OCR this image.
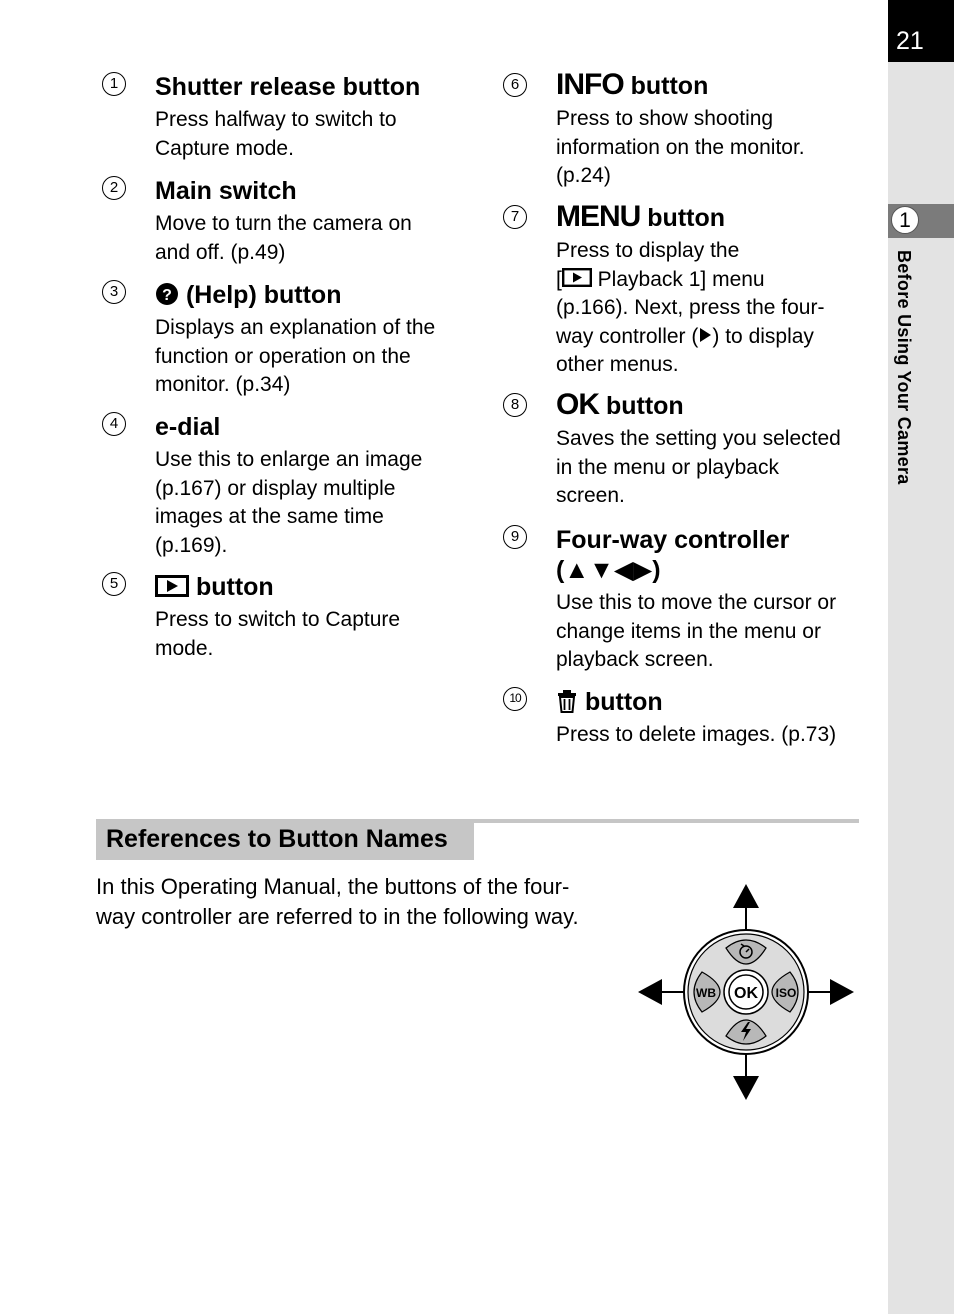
21
1
Before Using Your Camera
1	Shutter release button

Press halfway to switch to
Capture mode.

2	Main switch

Move to turn the camera on
and off. (p.49)

3	? (Help) button

Displays an explanation of the
function or operation on the
monitor. (p.34)

4	e-dial

Use this to enlarge an image
(p.167) or display multiple
images at the same time
(p.169).

5	button

Press to switch to Capture
mode.

6 INFO button

Press to show shooting
information on the monitor.
(p.24)

7 MENU button

Press to display the
[ Playback 1] menu
(p.166). Next, press the four-
way controller ( ) to display
other menus.

8 OK button

Saves the setting you selected
in the menu or playback
screen.

9	Four-way controller
(▲▼◀▶)

Use this to move the cursor or
change items in the menu or
playback screen.

10	button

Press to delete images. (p.73)

References to Button Names

In this Operating Manual, the buttons of the four-
way controller are referred to in the following way.

WB	ISO
OK
